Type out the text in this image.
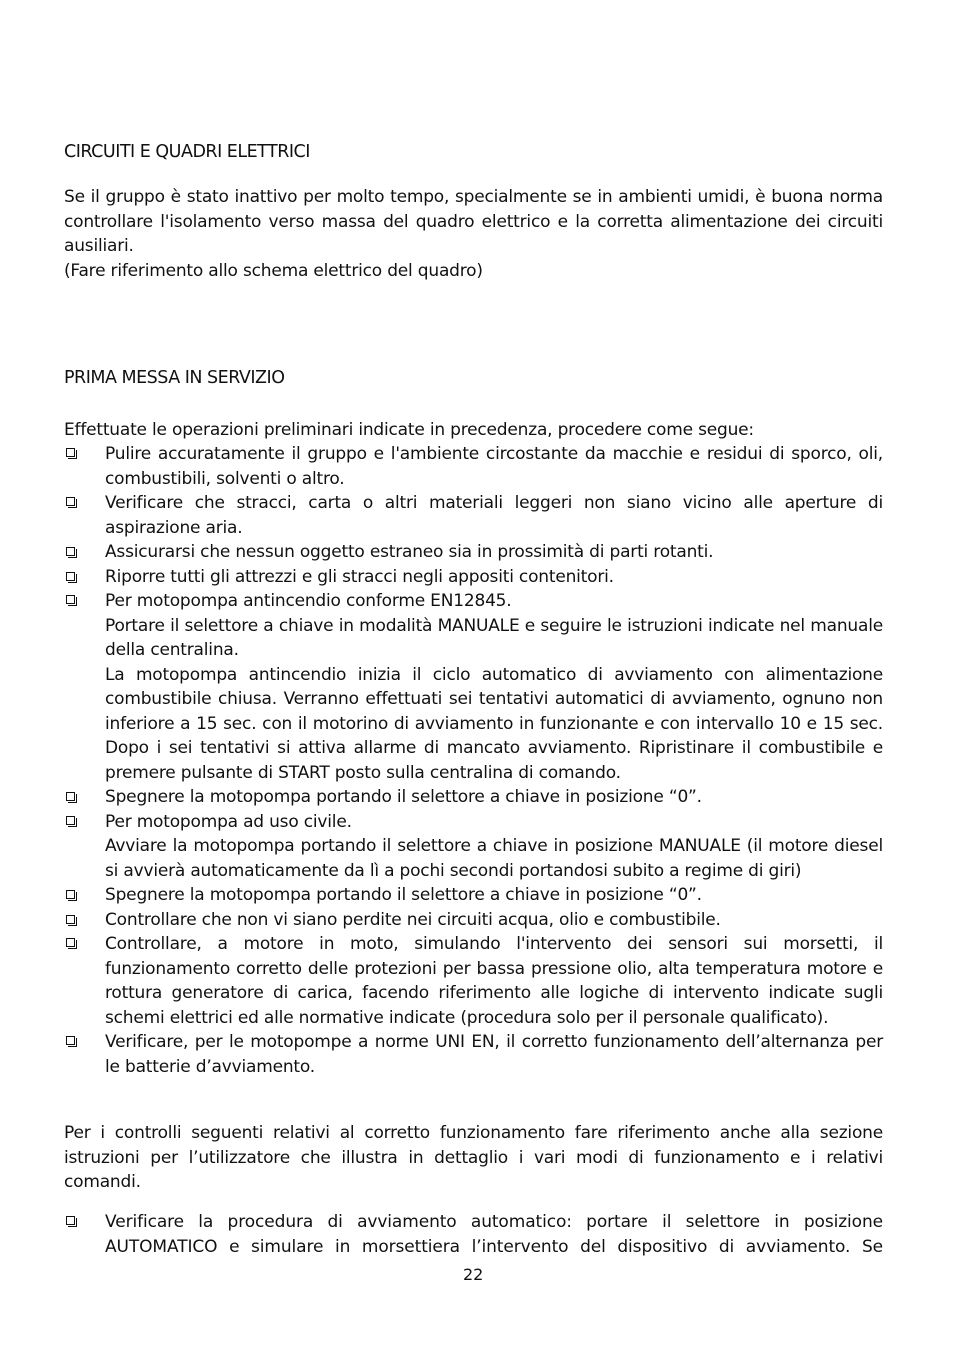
CIRCUITI E QUADRI ELETTRICI

Se il gruppo è stato inattivo per molto tempo, specialmente se in ambienti umidi, è buona norma controllare l'isolamento verso massa del quadro elettrico e la corretta alimentazione dei circuiti ausiliari.

(Fare riferimento allo schema elettrico del quadro)

PRIMA MESSA IN SERVIZIO

Effettuate le operazioni preliminari indicate in precedenza, procedere come segue:

Pulire accuratamente il gruppo e l'ambiente circostante da macchie e residui di sporco, oli, combustibili, solventi o altro.
Verificare che stracci, carta o altri materiali leggeri non siano vicino alle aperture di aspirazione aria.
Assicurarsi che nessun oggetto estraneo sia in prossimità di parti rotanti.
Riporre tutti gli attrezzi e gli stracci negli appositi contenitori.
Per motopompa antincendio conforme EN12845.
Portare il selettore a chiave in modalità MANUALE e seguire le istruzioni indicate nel manuale della centralina.
La motopompa antincendio inizia il ciclo automatico di avviamento con alimentazione combustibile chiusa. Verranno effettuati sei tentativi automatici di avviamento, ognuno non inferiore a 15 sec. con il motorino di avviamento in funzionante e con intervallo 10 e 15 sec. Dopo i sei tentativi si attiva allarme di mancato avviamento. Ripristinare il combustibile e premere pulsante di START posto sulla centralina di comando.
Spegnere la motopompa portando il selettore a chiave in posizione “0”.
Per motopompa ad uso civile.
Avviare la motopompa portando il selettore a chiave in posizione MANUALE (il motore diesel si avvierà automaticamente da lì a pochi secondi portandosi subito a regime di giri)
Spegnere la motopompa portando il selettore a chiave in posizione “0”.
Controllare che non vi siano perdite nei circuiti acqua, olio e combustibile.
Controllare, a motore in moto, simulando l'intervento dei sensori sui morsetti, il funzionamento corretto delle protezioni per bassa pressione olio, alta temperatura motore e rottura generatore di carica, facendo riferimento alle logiche di intervento indicate sugli schemi elettrici ed alle normative indicate (procedura solo per il personale qualificato).
Verificare, per le motopompe a norme UNI EN, il corretto funzionamento dell’alternanza per le batterie d’avviamento.

Per i controlli seguenti relativi al corretto funzionamento fare riferimento anche alla sezione istruzioni per l’utilizzatore che illustra in dettaglio i vari modi di funzionamento e i relativi comandi.

Verificare la procedura di avviamento automatico: portare il selettore in posizione
AUTOMATICO e simulare in morsettiera l’intervento del dispositivo di avviamento. Se
22
